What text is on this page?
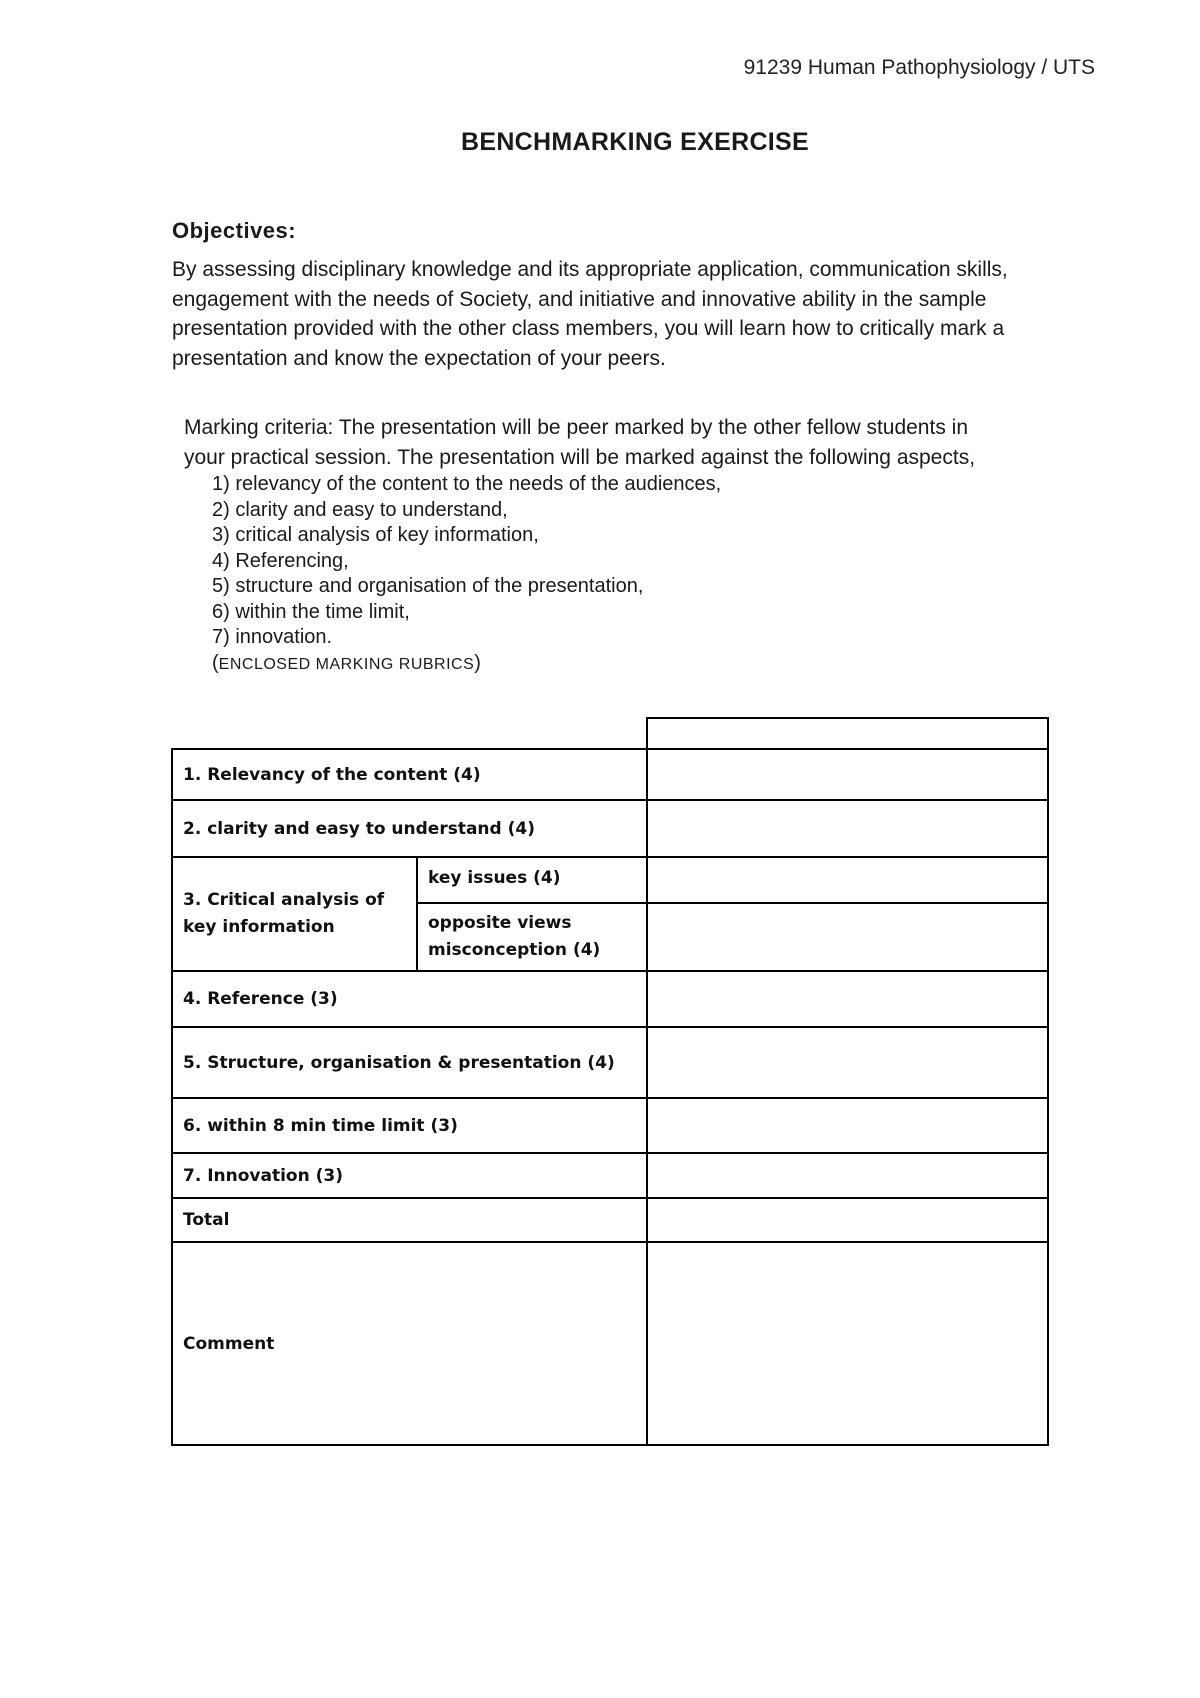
91239 Human Pathophysiology / UTS
BENCHMARKING EXERCISE
Objectives:
By assessing disciplinary knowledge and its appropriate application, communication skills,
engagement with the needs of Society, and initiative and innovative ability in the sample
presentation provided with the other class members, you will learn how to critically mark a
presentation and know the expectation of your peers.
Marking criteria: The presentation will be peer marked by the other fellow students in
your practical session. The presentation will be marked against the following aspects,
1) relevancy of the content to the needs of the audiences,
2) clarity and easy to understand,
3) critical analysis of key information,
4) Referencing,
5) structure and organisation of the presentation,
6) within the time limit,
7) innovation.
(ENCLOSED MARKING RUBRICS)
1. Relevancy of the content (4)
2. clarity and easy to understand (4)
3. Critical analysis of
key information
key issues (4)
opposite views
misconception (4)
4. Reference (3)
5. Structure, organisation & presentation (4)
6. within 8 min time limit (3)
7. Innovation (3)
Total
Comment
